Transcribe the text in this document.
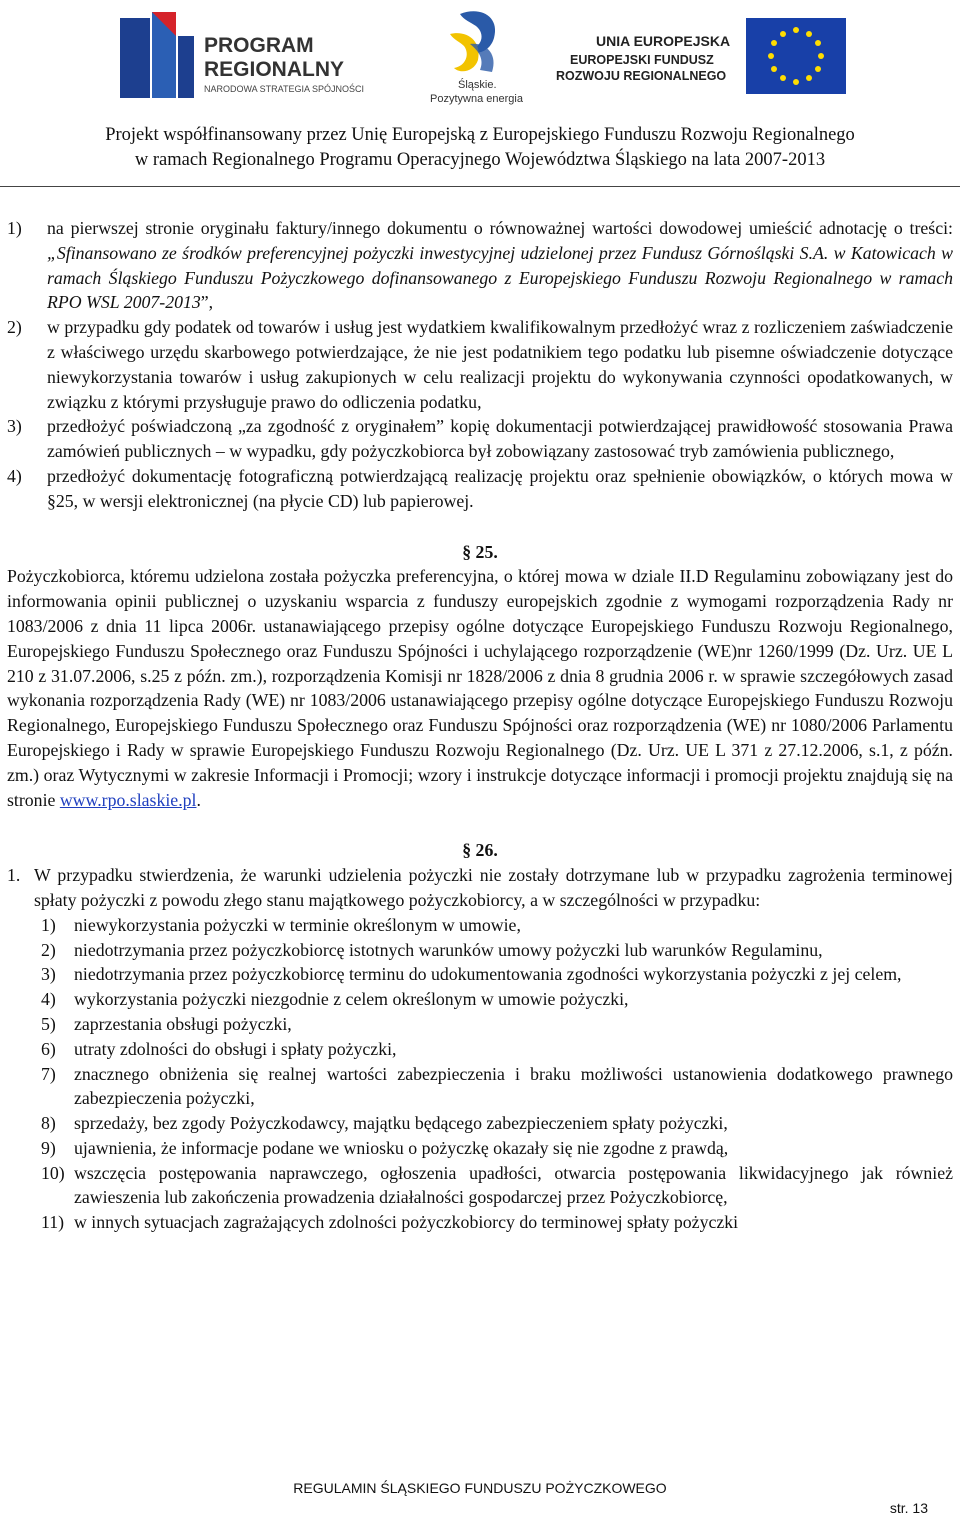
PROGRAM
REGIONALNY
NARODOWA STRATEGIA SPÓJNOŚCI	Śląskie.
Pozytywna energia
UNIA EUROPEJSKA
EUROPEJSKI FUNDUSZ
ROZWOJU REGIONALNEGO
Projekt współfinansowany przez Unię Europejską z Europejskiego Funduszu Rozwoju Regionalnego
w ramach Regionalnego Programu Operacyjnego Województwa Śląskiego na lata 2007-2013
1) na pierwszej stronie oryginału faktury/innego dokumentu o równoważnej wartości dowodowej umieścić adnotację o treści: „Sfinansowano ze środków preferencyjnej pożyczki inwestycyjnej udzielonej przez Fundusz Górnośląski S.A. w Katowicach w ramach Śląskiego Funduszu Pożyczkowego dofinansowanego z Europejskiego Funduszu Rozwoju Regionalnego w ramach RPO WSL 2007-2013”,
2) w przypadku gdy podatek od towarów i usług jest wydatkiem kwalifikowalnym przedłożyć wraz z rozliczeniem zaświadczenie z właściwego urzędu skarbowego potwierdzające, że nie jest podatnikiem tego podatku lub pisemne oświadczenie dotyczące niewykorzystania towarów i usług zakupionych w celu realizacji projektu do wykonywania czynności opodatkowanych, w związku z którymi przysługuje prawo do odliczenia podatku,
3) przedłożyć poświadczoną „za zgodność z oryginałem” kopię dokumentacji potwierdzającej prawidłowość stosowania Prawa zamówień publicznych – w wypadku, gdy pożyczkobiorca był zobowiązany zastosować tryb zamówienia publicznego,
4) przedłożyć dokumentację fotograficzną potwierdzającą realizację projektu oraz spełnienie obowiązków, o których mowa w §25, w wersji elektronicznej (na płycie CD) lub papierowej.
§ 25.
Pożyczkobiorca, któremu udzielona została pożyczka preferencyjna, o której mowa w dziale II.D Regulaminu zobowiązany jest do informowania opinii publicznej o uzyskaniu wsparcia z funduszy europejskich zgodnie z wymogami rozporządzenia Rady nr 1083/2006 z dnia 11 lipca 2006r. ustanawiającego przepisy ogólne dotyczące Europejskiego Funduszu Rozwoju Regionalnego, Europejskiego Funduszu Społecznego oraz Funduszu Spójności i uchylającego rozporządzenie (WE)nr 1260/1999 (Dz. Urz. UE L 210 z 31.07.2006, s.25 z późn. zm.), rozporządzenia Komisji nr 1828/2006 z dnia 8 grudnia 2006 r. w sprawie szczegółowych zasad wykonania rozporządzenia Rady (WE) nr 1083/2006 ustanawiającego przepisy ogólne dotyczące Europejskiego Funduszu Rozwoju Regionalnego, Europejskiego Funduszu Społecznego oraz Funduszu Spójności oraz rozporządzenia (WE) nr 1080/2006 Parlamentu Europejskiego i Rady w sprawie Europejskiego Funduszu Rozwoju Regionalnego (Dz. Urz. UE L 371 z 27.12.2006, s.1, z późn. zm.) oraz Wytycznymi w zakresie Informacji i Promocji; wzory i instrukcje dotyczące informacji i promocji projektu znajdują się na stronie www.rpo.slaskie.pl.
§ 26.
1. W przypadku stwierdzenia, że warunki udzielenia pożyczki nie zostały dotrzymane lub w przypadku zagrożenia terminowej spłaty pożyczki z powodu złego stanu majątkowego pożyczkobiorcy, a w szczególności w przypadku:
1) niewykorzystania pożyczki w terminie określonym w umowie,
2) niedotrzymania przez pożyczkobiorcę istotnych warunków umowy pożyczki lub warunków Regulaminu,
3) niedotrzymania przez pożyczkobiorcę terminu do udokumentowania zgodności wykorzystania pożyczki z jej celem,
4) wykorzystania pożyczki niezgodnie z celem określonym w umowie pożyczki,
5) zaprzestania obsługi pożyczki,
6) utraty zdolności do obsługi i spłaty pożyczki,
7) znacznego obniżenia się realnej wartości zabezpieczenia i braku możliwości ustanowienia dodatkowego prawnego zabezpieczenia pożyczki,
8) sprzedaży, bez zgody Pożyczkodawcy, majątku będącego zabezpieczeniem spłaty pożyczki,
9) ujawnienia, że informacje podane we wniosku o pożyczkę okazały się nie zgodne z prawdą,
10) wszczęcia postępowania naprawczego, ogłoszenia upadłości, otwarcia postępowania likwidacyjnego jak również zawieszenia lub zakończenia prowadzenia działalności gospodarczej przez Pożyczkobiorcę,
11) w innych sytuacjach zagrażających zdolności pożyczkobiorcy do terminowej spłaty pożyczki
REGULAMIN ŚLĄSKIEGO FUNDUSZU POŻYCZKOWEGO
str. 13
